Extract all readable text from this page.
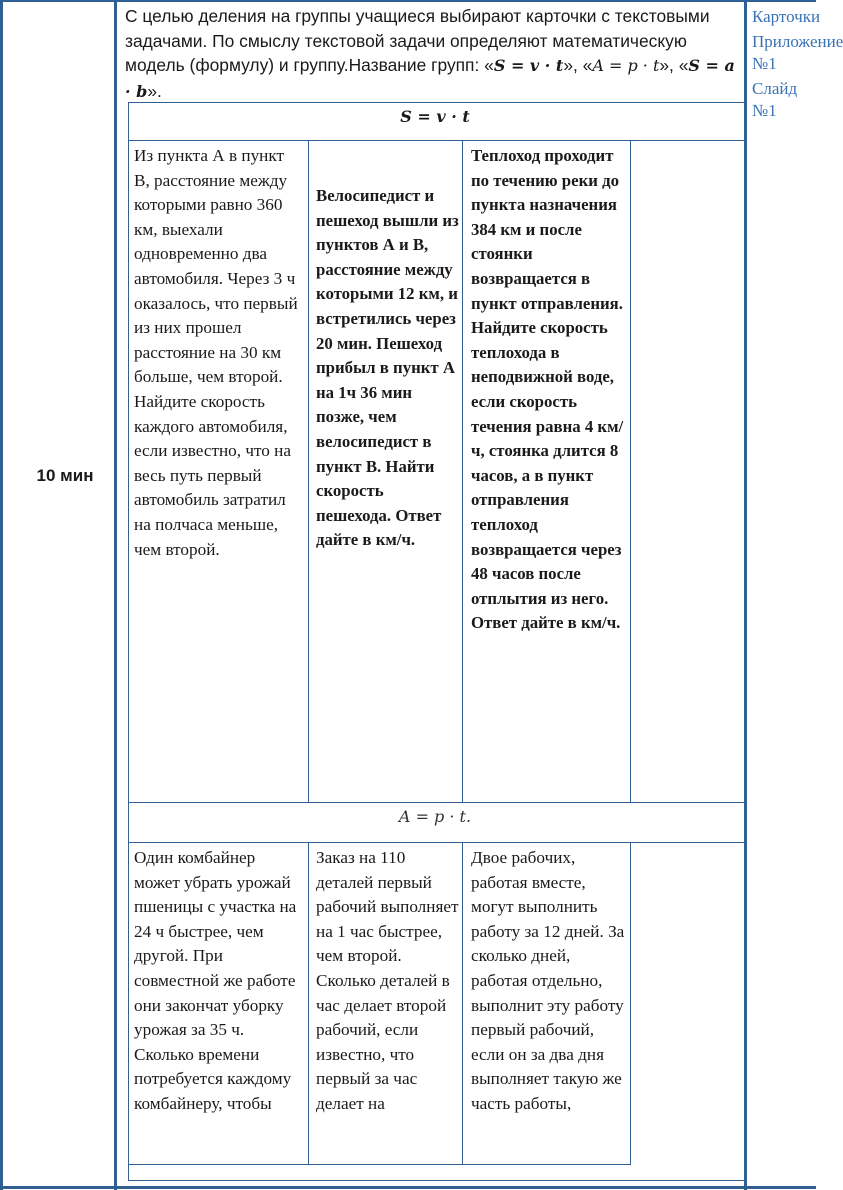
10 мин
С целью деления на группы учащиеся выбирают карточки с текстовыми задачами. По смыслу текстовой задачи определяют математическую модель (формулу) и группу.Название групп: «S = v · t», «A = p · t», «S = a · b».
Карточки
Приложение №1
Слайд №1
S = v · t
Из пункта А в пункт В, расстояние между которыми равно 360 км, выехали одновременно два автомобиля. Через 3 ч оказалось, что первый из них прошел расстояние на 30 км больше, чем второй. Найдите скорость каждого автомобиля, если известно, что на весь путь первый автомобиль затратил на полчаса меньше, чем второй.
Велосипедист и пешеход вышли из пунктов А и В, расстояние между которыми 12 км, и встретились через 20 мин. Пешеход прибыл в пункт А на 1ч 36 мин позже, чем велосипедист в пункт В. Найти скорость пешехода. Ответ дайте в км/ч.
Теплоход проходит по течению реки до пункта назначения 384 км и после стоянки возвращается в пункт отправления. Найдите скорость теплохода в неподвижной воде, если скорость течения равна 4 км/ч, стоянка длится 8 часов, а в пункт отправления теплоход возвращается через 48 часов после отплытия из него. Ответ дайте в км/ч.
A = p · t.
Один комбайнер может убрать урожай пшеницы с участка на 24 ч быстрее, чем другой. При совместной же работе они закончат уборку урожая за 35 ч. Сколько времени потребуется каждому комбайнеру, чтобы
Заказ на 110 деталей первый рабочий выполняет на 1 час быстрее, чем второй. Сколько деталей в час делает второй рабочий, если известно, что первый за час делает на
Двое рабочих, работая вместе, могут выполнить работу за 12 дней. За сколько дней, работая отдельно, выполнит эту работу первый рабочий, если он за два дня выполняет такую же часть работы,
